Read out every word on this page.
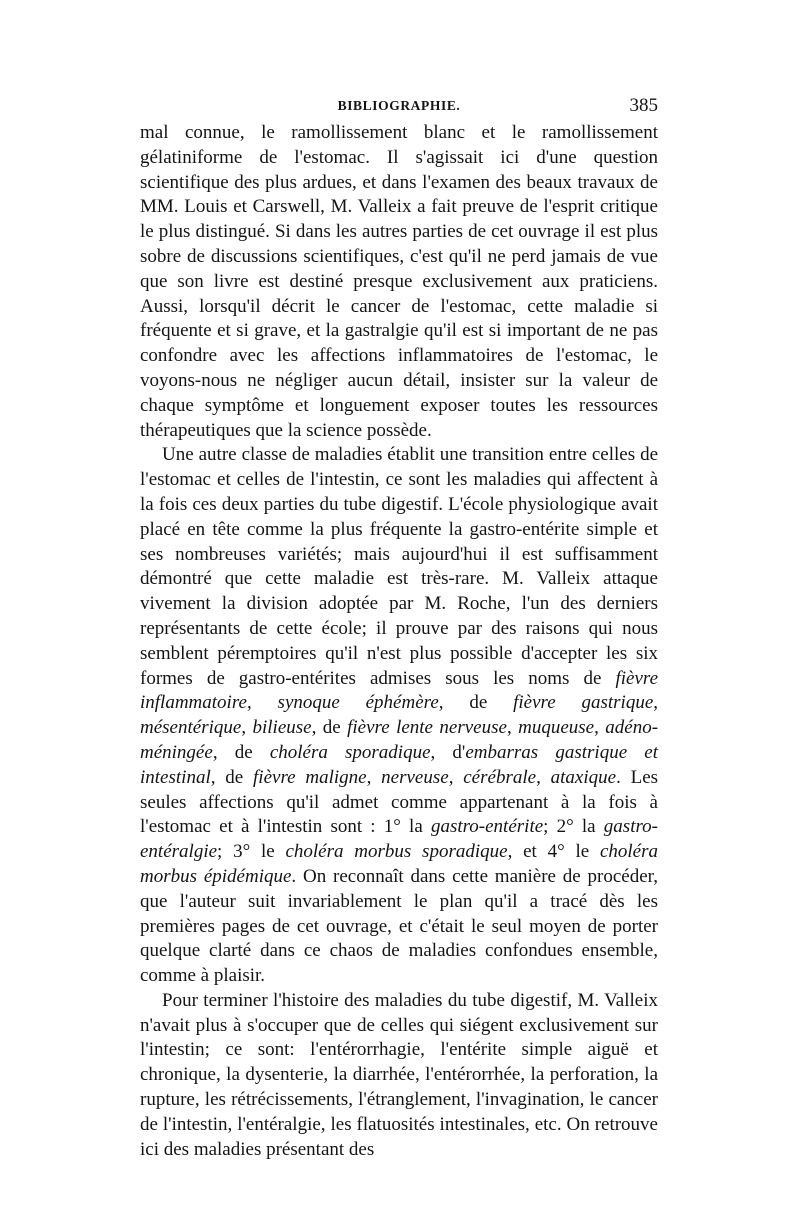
BIBLIOGRAPHIE.	385

mal connue, le ramollissement blanc et le ramollissement gélatiniforme de l'estomac. Il s'agissait ici d'une question scientifique des plus ardues, et dans l'examen des beaux travaux de MM. Louis et Carswell, M. Valleix a fait preuve de l'esprit critique le plus distingué. Si dans les autres parties de cet ouvrage il est plus sobre de discussions scientifiques, c'est qu'il ne perd jamais de vue que son livre est destiné presque exclusivement aux praticiens. Aussi, lorsqu'il décrit le cancer de l'estomac, cette maladie si fréquente et si grave, et la gastralgie qu'il est si important de ne pas confondre avec les affections inflammatoires de l'estomac, le voyons-nous ne négliger aucun détail, insister sur la valeur de chaque symptôme et longuement exposer toutes les ressources thérapeutiques que la science possède.

Une autre classe de maladies établit une transition entre celles de l'estomac et celles de l'intestin, ce sont les maladies qui affectent à la fois ces deux parties du tube digestif. L'école physiologique avait placé en tête comme la plus fréquente la gastro-entérite simple et ses nombreuses variétés; mais aujourd'hui il est suffisamment démontré que cette maladie est très-rare. M. Valleix attaque vivement la division adoptée par M. Roche, l'un des derniers représentants de cette école; il prouve par des raisons qui nous semblent péremptoires qu'il n'est plus possible d'accepter les six formes de gastro-entérites admises sous les noms de fièvre inflammatoire, synoque éphémère, de fièvre gastrique, mésentérique, bilieuse, de fièvre lente nerveuse, muqueuse, adéno-méningée, de choléra sporadique, d'embarras gastrique et intestinal, de fièvre maligne, nerveuse, cérébrale, ataxique. Les seules affections qu'il admet comme appartenant à la fois à l'estomac et à l'intestin sont : 1° la gastro-entérite; 2° la gastro-entéralgie; 3° le choléra morbus sporadique, et 4° le choléra morbus épidémique. On reconnaît dans cette manière de procéder, que l'auteur suit invariablement le plan qu'il a tracé dès les premières pages de cet ouvrage, et c'était le seul moyen de porter quelque clarté dans ce chaos de maladies confondues ensemble, comme à plaisir.

Pour terminer l'histoire des maladies du tube digestif, M. Valleix n'avait plus à s'occuper que de celles qui siégent exclusivement sur l'intestin; ce sont: l'entérorrhagie, l'entérite simple aiguë et chronique, la dysenterie, la diarrhée, l'entérorrhée, la perforation, la rupture, les rétrécissements, l'étranglement, l'invagination, le cancer de l'intestin, l'entéralgie, les flatuosités intestinales, etc. On retrouve ici des maladies présentant des
